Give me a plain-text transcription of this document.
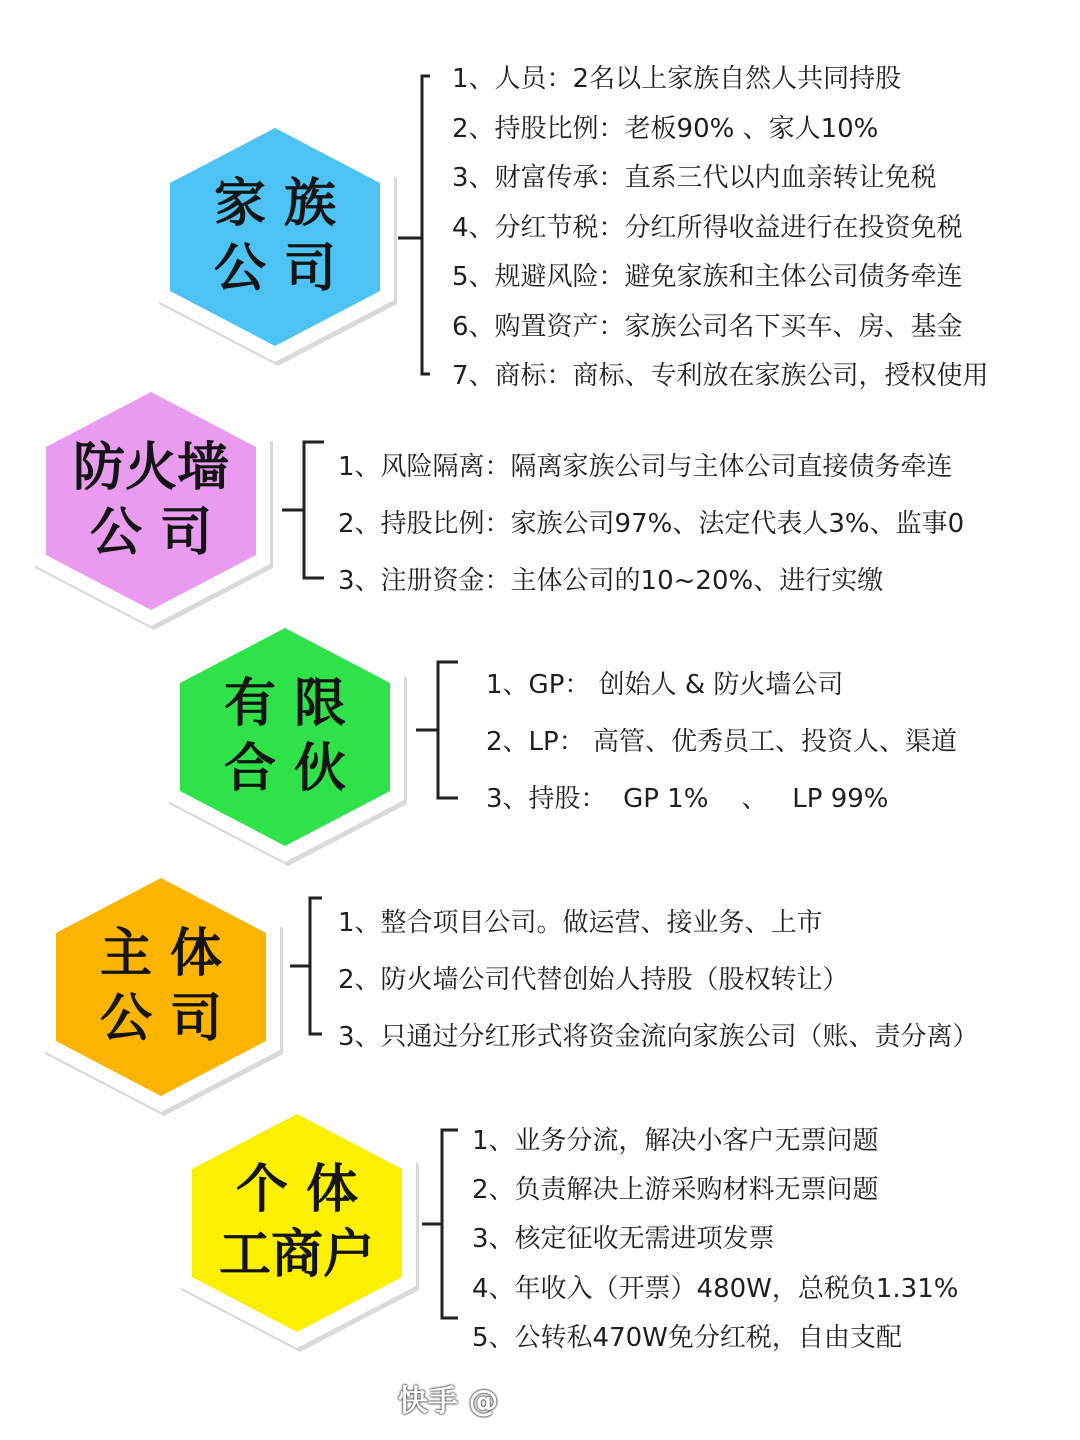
家 族
公 司
1、人员：2名以上家族自然人共同持股
2、持股比例：老板90% 、家人10%
3、财富传承：直系三代以内血亲转让免税
4、分红节税：分红所得收益进行在投资免税
5、规避风险：避免家族和主体公司债务牵连
6、购置资产：家族公司名下买车、房、基金
7、商标：商标、专利放在家族公司，授权使用
防火墙
公 司
1、风险隔离：隔离家族公司与主体公司直接债务牵连
2、持股比例：家族公司97%、法定代表人3%、监事0
3、注册资金：主体公司的10~20%、进行实缴
有 限
合 伙
1、GP： 创始人 & 防火墙公司
2、LP： 高管、优秀员工、投资人、渠道
3、持股：  GP 1%    、   LP 99%
主 体
公 司
1、整合项目公司。做运营、接业务、上市
2、防火墙公司代替创始人持股（股权转让）
3、只通过分红形式将资金流向家族公司（账、责分离）
个 体
工商户
1、业务分流，解决小客户无票问题
2、负责解决上游采购材料无票问题
3、核定征收无需进项发票
4、年收入（开票）480W，总税负1.31%
5、公转私470W免分红税，自由支配
快手 @
